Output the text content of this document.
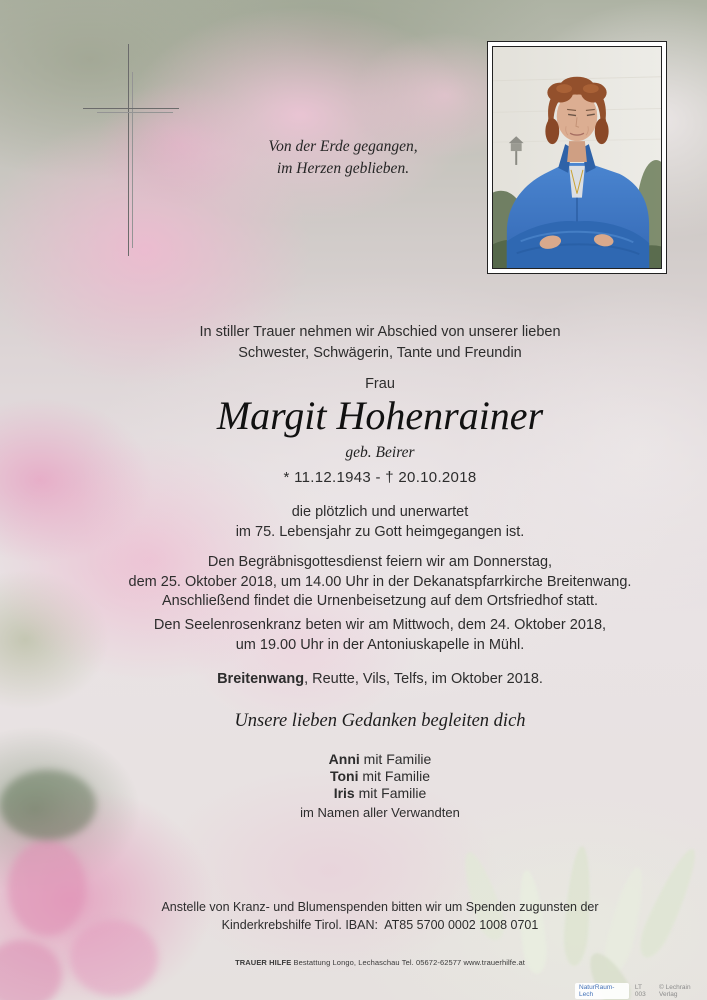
Von der Erde gegangen,
im Herzen geblieben.
In stiller Trauer nehmen wir Abschied von unserer lieben
Schwester, Schwägerin, Tante und Freundin
Frau
Margit Hohenrainer
geb. Beirer
* 11.12.1943 - † 20.10.2018
die plötzlich und unerwartet
im 75. Lebensjahr zu Gott heimgegangen ist.
Den Begräbnisgottesdienst feiern wir am Donnerstag,
dem 25. Oktober 2018, um 14.00 Uhr in der Dekanatspfarrkirche Breitenwang.
Anschließend findet die Urnenbeisetzung auf dem Ortsfriedhof statt.
Den Seelenrosenkranz beten wir am Mittwoch, dem 24. Oktober 2018,
um 19.00 Uhr in der Antoniuskapelle in Mühl.
Breitenwang, Reutte, Vils, Telfs, im Oktober 2018.
Unsere lieben Gedanken begleiten dich
Anni mit Familie
Toni mit Familie
Iris mit Familie
im Namen aller Verwandten
Anstelle von Kranz- und Blumenspenden bitten wir um Spenden zugunsten der
Kinderkrebshilfe Tirol. IBAN:  AT85 5700 0002 1008 0701
TRAUER HILFE Bestattung Longo, Lechaschau Tel. 05672-62577 www.trauerhilfe.at
NaturRaum-Lech
LT 003
© Lechrain Verlag
